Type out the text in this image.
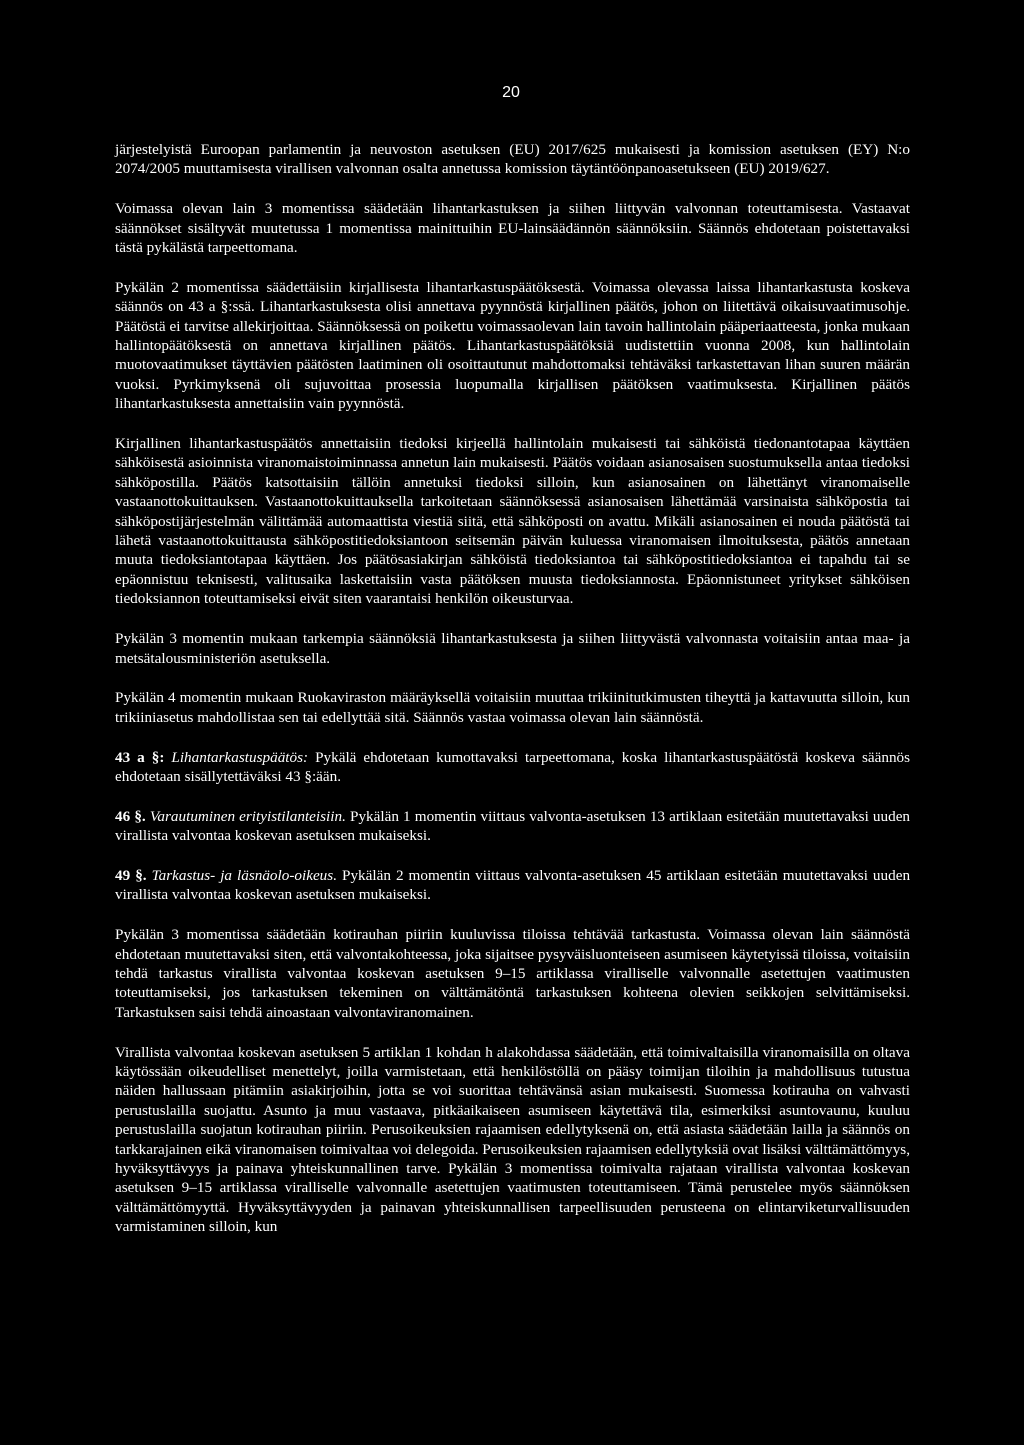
20

järjestelyistä Euroopan parlamentin ja neuvoston asetuksen (EU) 2017/625 mukaisesti ja komission asetuksen (EY) N:o 2074/2005 muuttamisesta virallisen valvonnan osalta annetussa komission täytäntöönpanoasetukseen (EU) 2019/627.

Voimassa olevan lain 3 momentissa säädetään lihantarkastuksen ja siihen liittyvän valvonnan toteuttamisesta. Vastaavat säännökset sisältyvät muutetussa 1 momentissa mainittuihin EU-lainsäädännön säännöksiin. Säännös ehdotetaan poistettavaksi tästä pykälästä tarpeettomana.

Pykälän 2 momentissa säädettäisiin kirjallisesta lihantarkastuspäätöksestä. Voimassa olevassa laissa lihantarkastusta koskeva säännös on 43 a §:ssä. Lihantarkastuksesta olisi annettava pyynnöstä kirjallinen päätös, johon on liitettävä oikaisuvaatimusohje. Päätöstä ei tarvitse allekirjoittaa. Säännöksessä on poikettu voimassaolevan lain tavoin hallintolain pääperiaatteesta, jonka mukaan hallintopäätöksestä on annettava kirjallinen päätös. Lihantarkastuspäätöksiä uudistettiin vuonna 2008, kun hallintolain muotovaatimukset täyttävien päätösten laatiminen oli osoittautunut mahdottomaksi tehtäväksi tarkastettavan lihan suuren määrän vuoksi. Pyrkimyksenä oli sujuvoittaa prosessia luopumalla kirjallisen päätöksen vaatimuksesta. Kirjallinen päätös lihantarkastuksesta annettaisiin vain pyynnöstä.

Kirjallinen lihantarkastuspäätös annettaisiin tiedoksi kirjeellä hallintolain mukaisesti tai sähköistä tiedonantotapaa käyttäen sähköisestä asioinnista viranomaistoiminnassa annetun lain mukaisesti. Päätös voidaan asianosaisen suostumuksella antaa tiedoksi sähköpostilla. Päätös katsottaisiin tällöin annetuksi tiedoksi silloin, kun asianosainen on lähettänyt viranomaiselle vastaanottokuittauksen. Vastaanottokuittauksella tarkoitetaan säännöksessä asianosaisen lähettämää varsinaista sähköpostia tai sähköpostijärjestelmän välittämää automaattista viestiä siitä, että sähköposti on avattu. Mikäli asianosainen ei nouda päätöstä tai lähetä vastaanottokuittausta sähköpostitiedoksiantoon seitsemän päivän kuluessa viranomaisen ilmoituksesta, päätös annetaan muuta tiedoksiantotapaa käyttäen. Jos päätösasiakirjan sähköistä tiedoksiantoa tai sähköpostitiedoksiantoa ei tapahdu tai se epäonnistuu teknisesti, valitusaika laskettaisiin vasta päätöksen muusta tiedoksiannosta. Epäonnistuneet yritykset sähköisen tiedoksiannon toteuttamiseksi eivät siten vaarantaisi henkilön oikeusturvaa.

Pykälän 3 momentin mukaan tarkempia säännöksiä lihantarkastuksesta ja siihen liittyvästä valvonnasta voitaisiin antaa maa- ja metsätalousministeriön asetuksella.

Pykälän 4 momentin mukaan Ruokaviraston määräyksellä voitaisiin muuttaa trikiinitutkimusten tiheyttä ja kattavuutta silloin, kun trikiiniasetus mahdollistaa sen tai edellyttää sitä. Säännös vastaa voimassa olevan lain säännöstä.

43 a §: Lihantarkastuspäätös: Pykälä ehdotetaan kumottavaksi tarpeettomana, koska lihantarkastuspäätöstä koskeva säännös ehdotetaan sisällytettäväksi 43 §:ään.

46 §. Varautuminen erityistilanteisiin. Pykälän 1 momentin viittaus valvonta-asetuksen 13 artiklaan esitetään muutettavaksi uuden virallista valvontaa koskevan asetuksen mukaiseksi.

49 §. Tarkastus- ja läsnäolo-oikeus. Pykälän 2 momentin viittaus valvonta-asetuksen 45 artiklaan esitetään muutettavaksi uuden virallista valvontaa koskevan asetuksen mukaiseksi.

Pykälän 3 momentissa säädetään kotirauhan piiriin kuuluvissa tiloissa tehtävää tarkastusta. Voimassa olevan lain säännöstä ehdotetaan muutettavaksi siten, että valvontakohteessa, joka sijaitsee pysyväisluonteiseen asumiseen käytetyissä tiloissa, voitaisiin tehdä tarkastus virallista valvontaa koskevan asetuksen 9–15 artiklassa viralliselle valvonnalle asetettujen vaatimusten toteuttamiseksi, jos tarkastuksen tekeminen on välttämätöntä tarkastuksen kohteena olevien seikkojen selvittämiseksi. Tarkastuksen saisi tehdä ainoastaan valvontaviranomainen.

Virallista valvontaa koskevan asetuksen 5 artiklan 1 kohdan h alakohdassa säädetään, että toimivaltaisilla viranomaisilla on oltava käytössään oikeudelliset menettelyt, joilla varmistetaan, että henkilöstöllä on pääsy toimijan tiloihin ja mahdollisuus tutustua näiden hallussaan pitämiin asiakirjoihin, jotta se voi suorittaa tehtävänsä asian mukaisesti. Suomessa kotirauha on vahvasti perustuslailla suojattu. Asunto ja muu vastaava, pitkäaikaiseen asumiseen käytettävä tila, esimerkiksi asuntovaunu, kuuluu perustuslailla suojatun kotirauhan piiriin. Perusoikeuksien rajaamisen edellytyksenä on, että asiasta säädetään lailla ja säännös on tarkkarajainen eikä viranomaisen toimivaltaa voi delegoida. Perusoikeuksien rajaamisen edellytyksiä ovat lisäksi välttämättömyys, hyväksyttävyys ja painava yhteiskunnallinen tarve. Pykälän 3 momentissa toimivalta rajataan virallista valvontaa koskevan asetuksen 9–15 artiklassa viralliselle valvonnalle asetettujen vaatimusten toteuttamiseen. Tämä perustelee myös säännöksen välttämättömyyttä. Hyväksyttävyyden ja painavan yhteiskunnallisen tarpeellisuuden perusteena on elintarviketurvallisuuden varmistaminen silloin, kun
